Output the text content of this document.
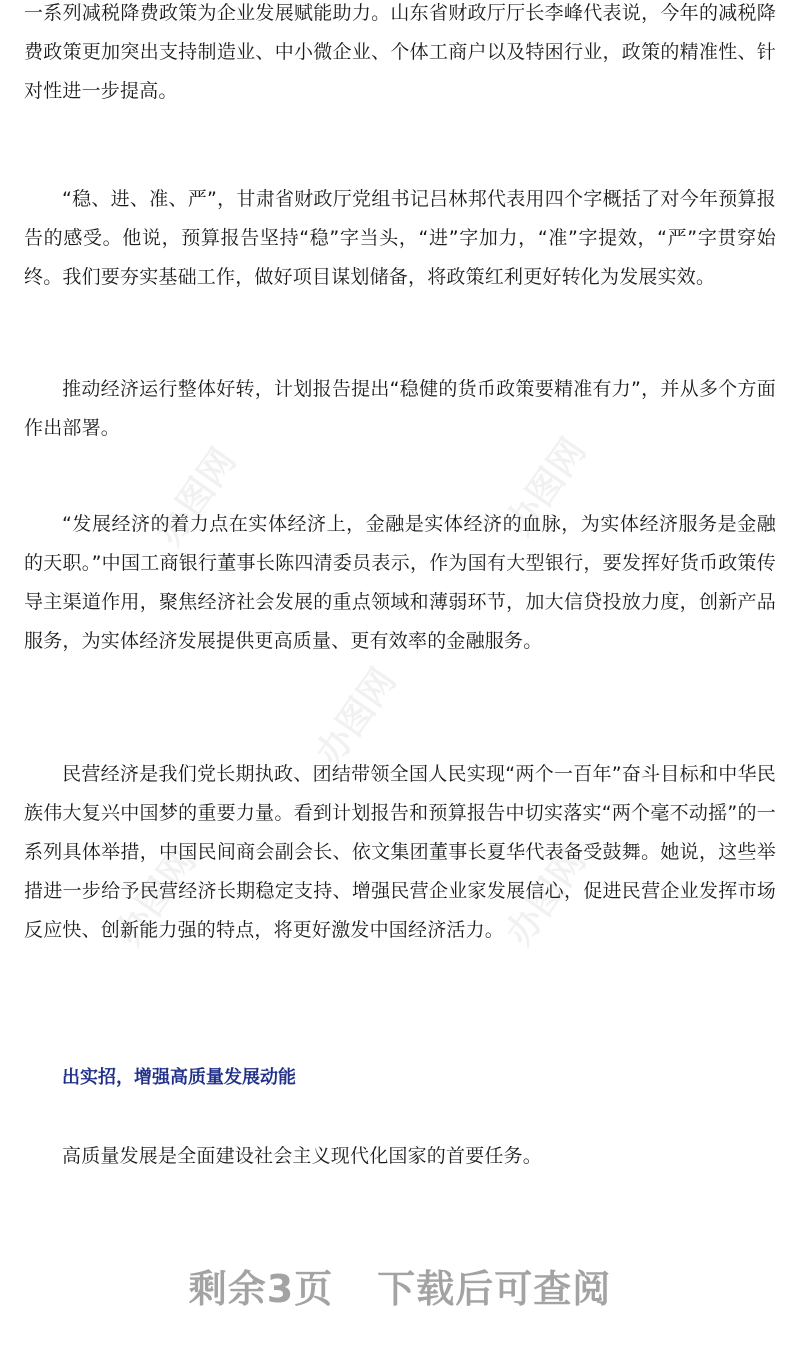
办图网	办图网
办图网
办图网	办图网

一系列减税降费政策为企业发展赋能助力。山东省财政厅厅长李峰代表说，今年的减税降费政策更加突出支持制造业、中小微企业、个体工商户以及特困行业，政策的精准性、针对性进一步提高。

“稳、进、准、严”，甘肃省财政厅党组书记吕林邦代表用四个字概括了对今年预算报告的感受。他说，预算报告坚持“稳”字当头，“进”字加力，“准”字提效，“严”字贯穿始终。我们要夯实基础工作，做好项目谋划储备，将政策红利更好转化为发展实效。

推动经济运行整体好转，计划报告提出“稳健的货币政策要精准有力”，并从多个方面作出部署。

“发展经济的着力点在实体经济上，金融是实体经济的血脉，为实体经济服务是金融的天职。”中国工商银行董事长陈四清委员表示，作为国有大型银行，要发挥好货币政策传导主渠道作用，聚焦经济社会发展的重点领域和薄弱环节，加大信贷投放力度，创新产品服务，为实体经济发展提供更高质量、更有效率的金融服务。

民营经济是我们党长期执政、团结带领全国人民实现“两个一百年”奋斗目标和中华民族伟大复兴中国梦的重要力量。看到计划报告和预算报告中切实落实“两个毫不动摇”的一系列具体举措，中国民间商会副会长、依文集团董事长夏华代表备受鼓舞。她说，这些举措进一步给予民营经济长期稳定支持、增强民营企业家发展信心，促进民营企业发挥市场反应快、创新能力强的特点，将更好激发中国经济活力。

出实招，增强高质量发展动能

高质量发展是全面建设社会主义现代化国家的首要任务。

剩余3页 下载后可查阅
